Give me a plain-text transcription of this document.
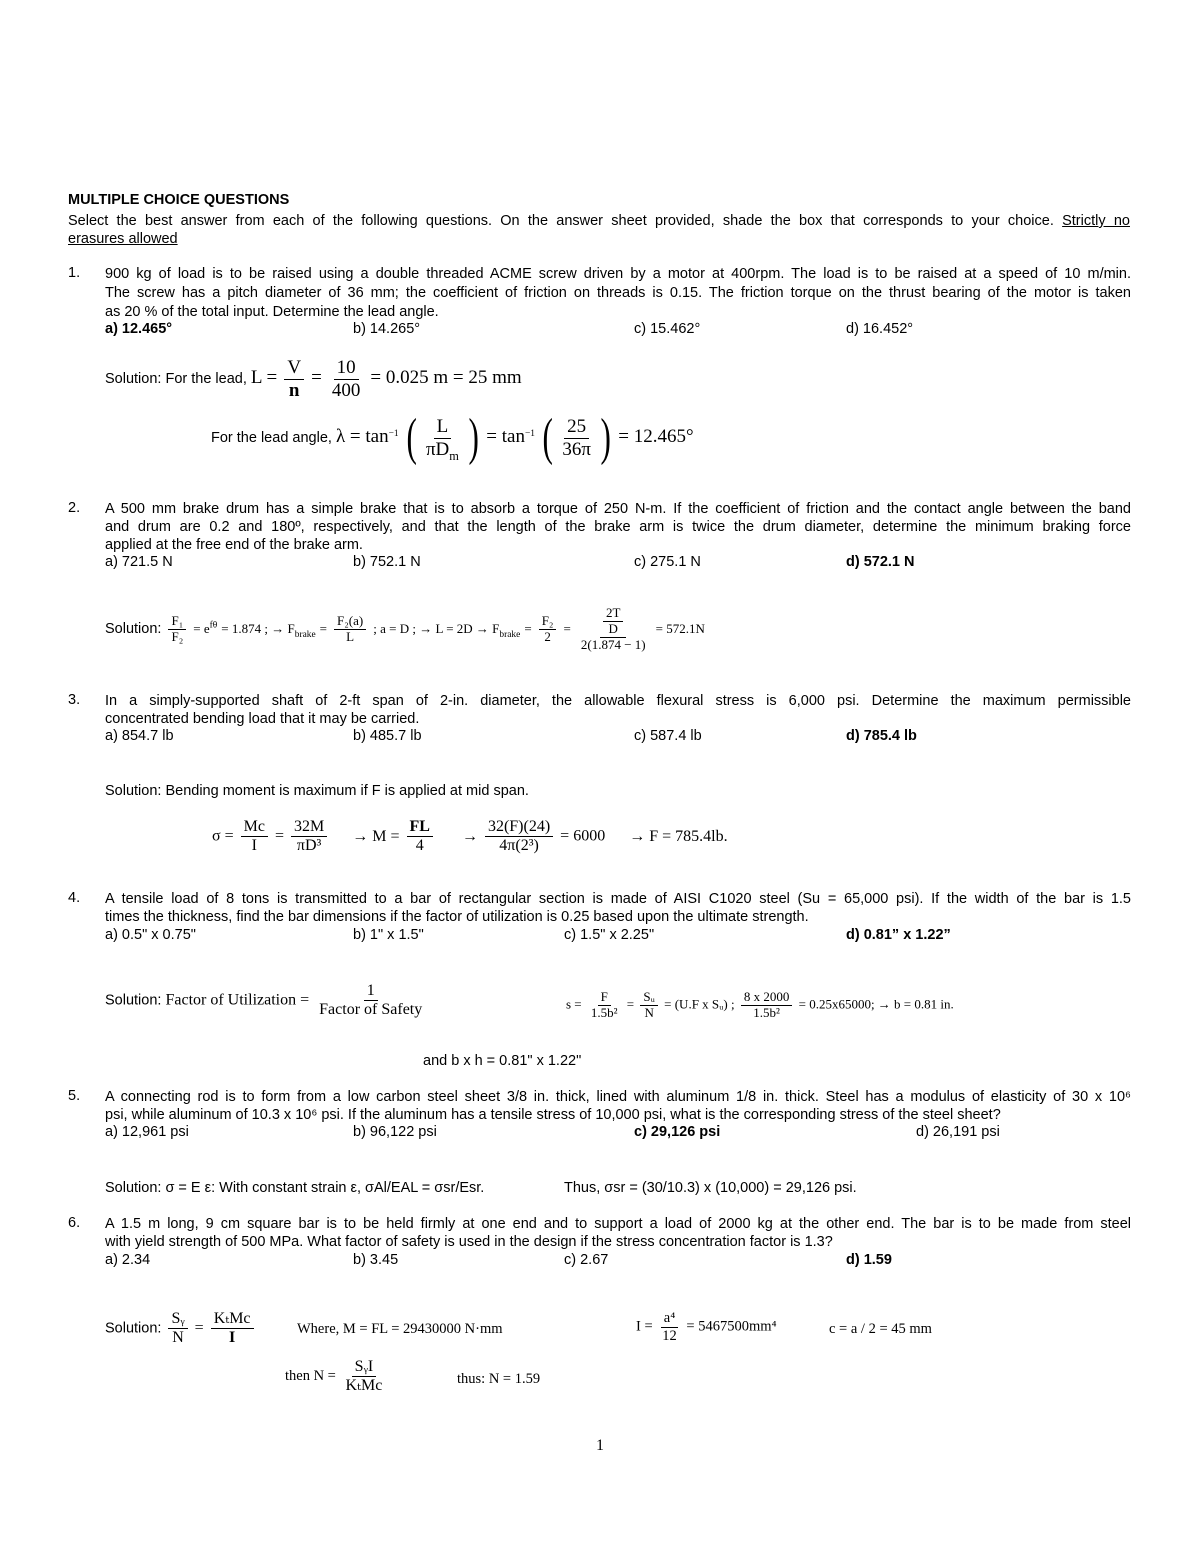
MULTIPLE CHOICE QUESTIONS
Select the best answer from each of the following questions. On the answer sheet provided, shade the box that corresponds to your choice. Strictly no
erasures allowed
1. 900 kg of load is to be raised using a double threaded ACME screw driven by a motor at 400rpm. The load is to be raised at a speed of 10 m/min.
The screw has a pitch diameter of 36 mm; the coefficient of friction on threads is 0.15. The friction torque on the thrust bearing of the motor is taken
as 20 % of the total input. Determine the lead angle.
a) 12.465°	b) 14.265°	c) 15.462°	d) 16.452°
Solution: For the lead, $L = \frac{V}{n} = \frac{10}{400} = 0.025$ m = 25 mm
For the lead angle, $\lambda = \tan^{-1}$ ( $\frac{L}{\pi D_m}$ ) = $\tan^{-1}$ ( $\frac{25}{36\pi}$ ) = 12.465°
2. A 500 mm brake drum has a simple brake that is to absorb a torque of 250 N-m. If the coefficient of friction and the contact angle between the band
and drum are 0.2 and 180º, respectively, and that the length of the brake arm is twice the drum diameter, determine the minimum braking force
applied at the free end of the brake arm.
a) 721.5 N	b) 752.1 N	c) 275.1 N	d) 572.1 N
Solution: $\frac{\text{F₁}}{\text{F₂}} = e^{f\theta} = 1.874$ ; → $F_{brake} = \frac{\text{F₂(a)}}{L}$ ; a = D ; → $L = 2D \to F_{brake} = \frac{\text{F₂}}{2} = \frac{\frac{2T}{D}}{2(1.874 - 1)} = 572.1N$
3. In a simply-supported shaft of 2-ft span of 2-in. diameter, the allowable flexural stress is 6,000 psi. Determine the maximum permissible
concentrated bending load that it may be carried.
a) 854.7 lb	b) 485.7 lb	c) 587.4 lb	d) 785.4 lb
Solution: Bending moment is maximum if F is applied at mid span.
$\sigma = \frac{Mc}{I} = \frac{32M}{\text{πD³}} \to M = \frac{FL}{4} \to \frac{32(F)(24)}{\text{4π(2³)}} = 6000 \to F = 785.4lb$.
4. A tensile load of 8 tons is transmitted to a bar of rectangular section is made of AISI C1020 steel (Su = 65,000 psi). If the width of the bar is 1.5
times the thickness, find the bar dimensions if the factor of utilization is 0.25 based upon the ultimate strength.
a) 0.5" x 0.75"	b) 1" x 1.5"	c) 1.5" x 2.25"	d) 0.81” x 1.22”
Solution: Factor of Utilization = $\frac{1}{\text{Factor of Safety}}$	$s = \frac{F}{\text{1.5b²}} = \frac{\text{Sᵤ}}{N} = (U.F$ x Sᵤ) ; $\frac{8 x 2000}{\text{1.5b²}} = 0.25x65000$; → b = 0.81 in.
and b x h = 0.81" x 1.22"
5. A connecting rod is to form from a low carbon steel sheet 3/8 in. thick, lined with aluminum 1/8 in. thick. Steel has a modulus of elasticity of 30 x 10⁶
psi, while aluminum of 10.3 x 10⁶ psi. If the aluminum has a tensile stress of 10,000 psi, what is the corresponding stress of the steel sheet?
a) 12,961 psi	b) 96,122 psi	c) 29,126 psi	d) 26,191 psi
Solution: σ = E ε: With constant strain ε, σAl/EAL = σsr/Esr.	Thus, σsr = (30/10.3) x (10,000) = 29,126 psi.
6. A 1.5 m long, 9 cm square bar is to be held firmly at one end and to support a load of 2000 kg at the other end. The bar is to be made from steel
with yield strength of 500 MPa. What factor of safety is used in the design if the stress concentration factor is 1.3?
a) 2.34	b) 3.45	c) 2.67	d) 1.59
Solution: $\frac{\text{Sᵧ}}{N} = \frac{\text{KₜMc}}{I}$	Where, M = FL = 29430000 N·mm	$I = \frac{\text{a⁴}}{12} = 5467500mm^4$	c = a / 2 = 45 mm
then $N = \frac{\text{SᵧI}}{\text{KₜMc}}$	thus: N = 1.59
1
